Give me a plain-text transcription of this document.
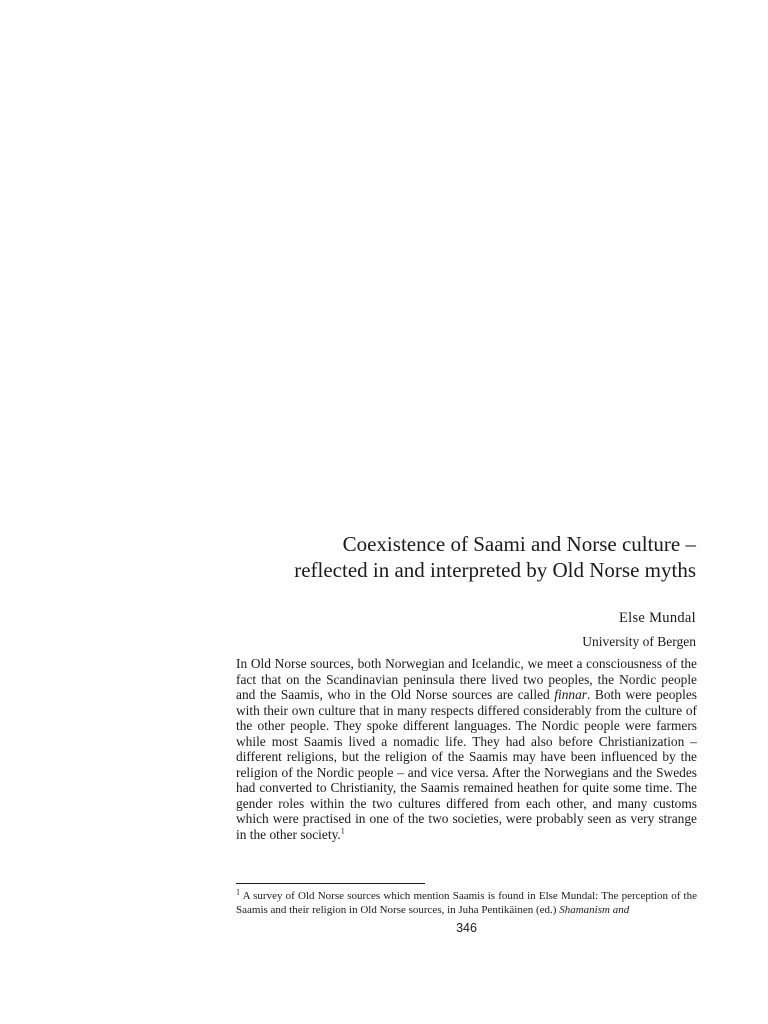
Coexistence of Saami and Norse culture –
reflected in and interpreted by Old Norse myths
Else Mundal
University of Bergen

In Old Norse sources, both Norwegian and Icelandic, we meet a consciousness of the fact that on the Scandinavian peninsula there lived two peoples, the Nordic people and the Saamis, who in the Old Norse sources are called finnar. Both were peoples with their own culture that in many respects differed considerably from the culture of the other people. They spoke different languages. The Nordic people were farmers while most Saamis lived a nomadic life. They had also before Christianization – different religions, but the religion of the Saamis may have been influenced by the religion of the Nordic people – and vice versa. After the Norwegians and the Swedes had converted to Christianity, the Saamis remained heathen for quite some time. The gender roles within the two cultures differed from each other, and many customs which were practised in one of the two societies, were probably seen as very strange in the other society.$^1$

$^1$ A survey of Old Norse sources which mention Saamis is found in Else Mundal: The perception of the Saamis and their religion in Old Norse sources, in Juha Pentikäinen (ed.) Shamanism and

346
